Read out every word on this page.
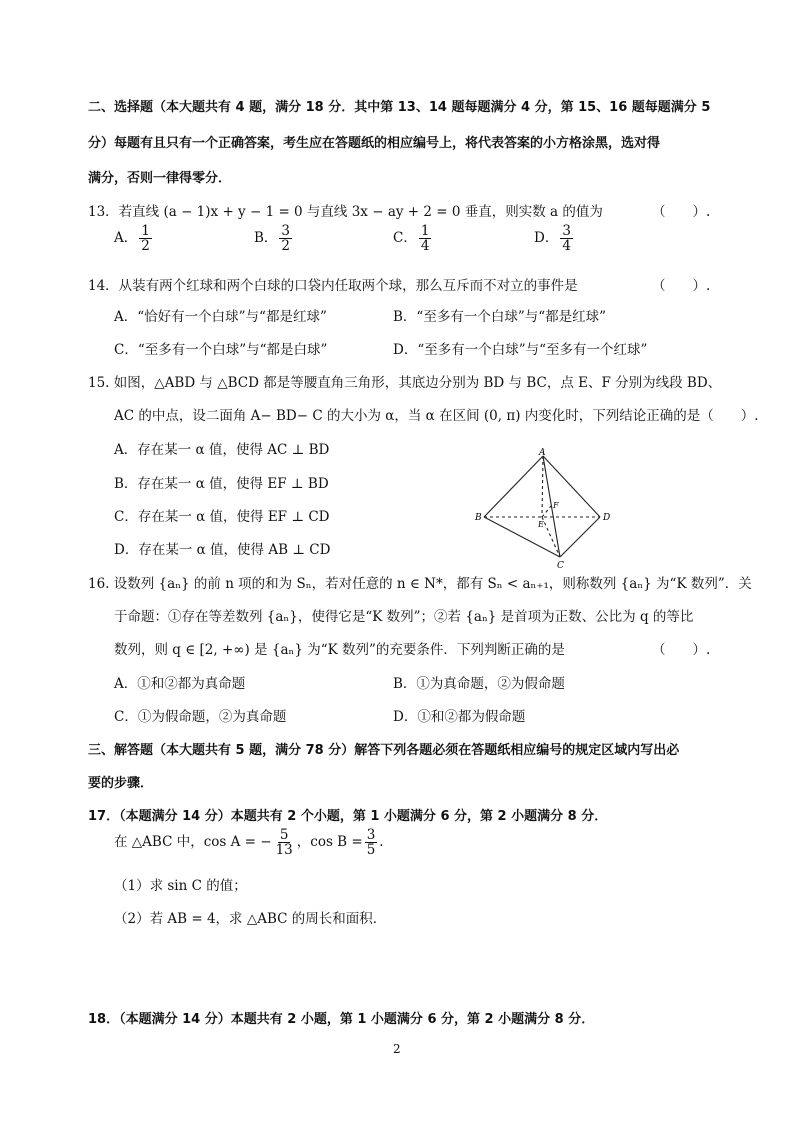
二、选择题（本大题共有 4 题，满分 18 分．其中第 13、14 题每题满分 4 分，第 15、16 题每题满分 5
分）每题有且只有一个正确答案，考生应在答题纸的相应编号上，将代表答案的小方格涂黑，选对得
满分，否则一律得零分．
13．若直线 (a − 1)x + y − 1 = 0 与直线 3x − ay + 2 = 0 垂直，则实数 a 的值为	（　　）.
A． $\frac{1}{2}$	B． $\frac{3}{2}$	C． $\frac{1}{4}$	D． $\frac{3}{4}$
14．从装有两个红球和两个白球的口袋内任取两个球，那么互斥而不对立的事件是	（　　）.
A．“恰好有一个白球”与“都是红球”	B．“至多有一个白球”与“都是红球”
C．“至多有一个白球”与“都是白球”	D．“至多有一个白球”与“至多有一个红球”
15. 如图，△ABD 与 △BCD 都是等腰直角三角形，其底边分别为 BD 与 BC，点 E、F 分别为线段 BD、
AC 的中点，设二面角 A− BD− C 的大小为 α，当 α 在区间 (0, π) 内变化时，下列结论正确的是（　　）.
A．存在某一 α 值，使得 AC ⊥ BD
B．存在某一 α 值，使得 EF ⊥ BD
C．存在某一 α 值，使得 EF ⊥ CD
D．存在某一 α 值，使得 AB ⊥ CD
A
B	D
C
E
F
16. 设数列 {aₙ} 的前 n 项的和为 Sₙ，若对任意的 n ∈ N*，都有 Sₙ < aₙ₊₁，则称数列 {aₙ} 为“K 数列”．关
于命题：①存在等差数列 {aₙ}，使得它是“K 数列”；②若 {aₙ} 是首项为正数、公比为 q 的等比
数列，则 q ∈ [2, +∞) 是 {aₙ} 为“K 数列”的充要条件．下列判断正确的是	（　　）.
A．①和②都为真命题	B．①为真命题，②为假命题
C．①为假命题，②为真命题	D．①和②都为假命题
三、解答题（本大题共有 5 题，满分 78 分）解答下列各题必须在答题纸相应编号的规定区域内写出必
要的步骤．
17．（本题满分 14 分）本题共有 2 个小题，第 1 小题满分 6 分，第 2 小题满分 8 分．
在 △ABC 中，cos A = − $\frac{5}{13}$ ，$\cos B = \frac{3}{5}$ ．
（1）求 sin C 的值；
（2）若 AB = 4，求 △ABC 的周长和面积．
18．（本题满分 14 分）本题共有 2 小题，第 1 小题满分 6 分，第 2 小题满分 8 分．
2
